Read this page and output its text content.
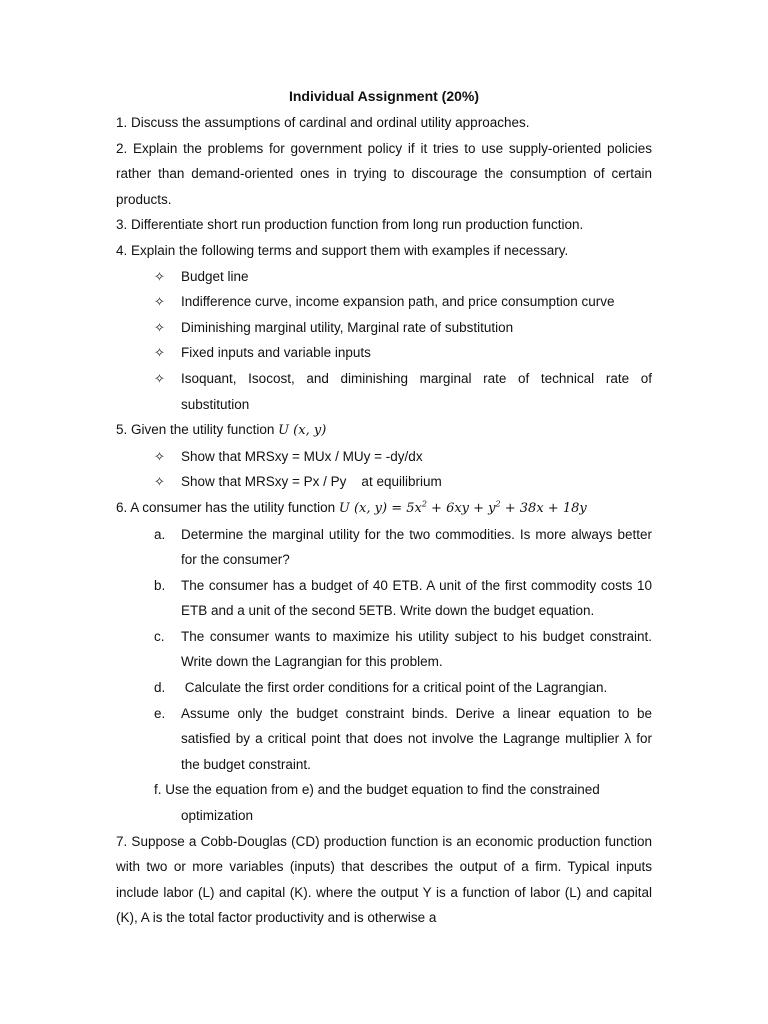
Individual Assignment (20%)

1. Discuss the assumptions of cardinal and ordinal utility approaches.

2. Explain the problems for government policy if it tries to use supply-oriented policies rather than demand-oriented ones in trying to discourage the consumption of certain products.

3. Differentiate short run production function from long run production function.

4. Explain the following terms and support them with examples if necessary.

✧	Budget line
✧	Indifference curve, income expansion path, and price consumption curve
✧	Diminishing marginal utility, Marginal rate of substitution
✧	Fixed inputs and variable inputs
✧	Isoquant, Isocost, and diminishing marginal rate of technical rate of substitution

5. Given the utility function U (x, y)

✧	Show that MRSxy = MUx / MUy = -dy/dx
✧	Show that MRSxy = Px / Py    at equilibrium

6. A consumer has the utility function U (x, $y) = 5x^2 + 6xy + y^2 + 38x + 18y$

a.	Determine the marginal utility for the two commodities. Is more always better for the consumer?
b.	The consumer has a budget of 40 ETB. A unit of the first commodity costs 10 ETB and a unit of the second 5ETB. Write down the budget equation.
c.	The consumer wants to maximize his utility subject to his budget constraint. Write down the Lagrangian for this problem.
d.	Calculate the first order conditions for a critical point of the Lagrangian.
e.	Assume only the budget constraint binds. Derive a linear equation to be satisfied by a critical point that does not involve the Lagrange multiplier λ for the budget constraint.
f. Use the equation from e) and the budget equation to find the constrained
optimization

7. Suppose a Cobb-Douglas (CD) production function is an economic production function with two or more variables (inputs) that describes the output of a firm. Typical inputs include labor (L) and capital (K). where the output Y is a function of labor (L) and capital (K), A is the total factor productivity and is otherwise a
